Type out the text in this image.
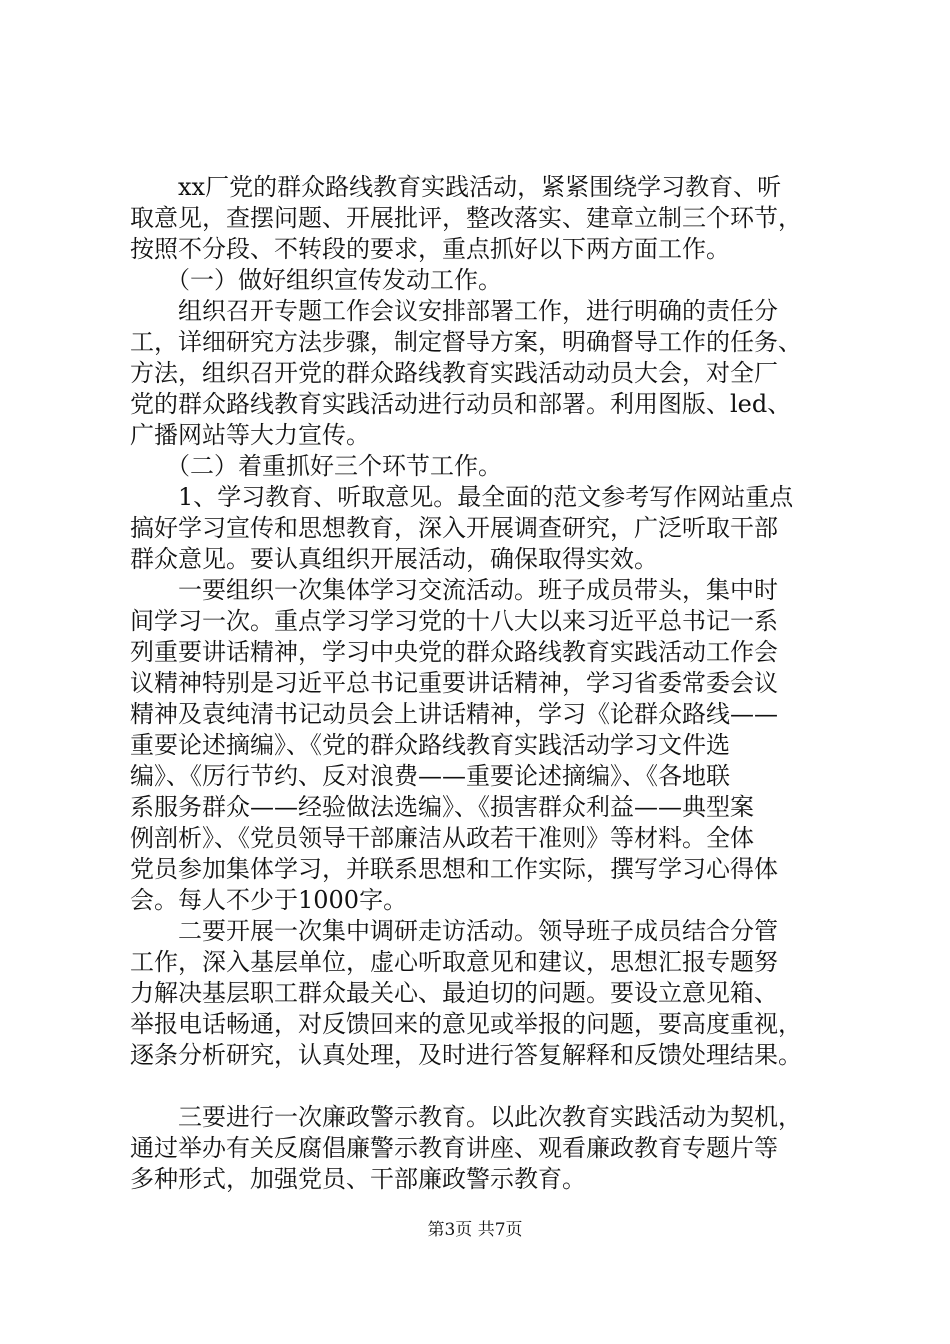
　　xx厂党的群众路线教育实践活动，紧紧围绕学习教育、听
取意见，查摆问题、开展批评，整改落实、建章立制三个环节，
按照不分段、不转段的要求，重点抓好以下两方面工作。
　　（一）做好组织宣传发动工作。
　　组织召开专题工作会议安排部署工作，进行明确的责任分
工，详细研究方法步骤，制定督导方案，明确督导工作的任务、
方法，组织召开党的群众路线教育实践活动动员大会，对全厂
党的群众路线教育实践活动进行动员和部署。利用图版、led、
广播网站等大力宣传。
　　（二）着重抓好三个环节工作。
　　1、学习教育、听取意见。最全面的范文参考写作网站重点
搞好学习宣传和思想教育，深入开展调查研究，广泛听取干部
群众意见。要认真组织开展活动，确保取得实效。
　　一要组织一次集体学习交流活动。班子成员带头，集中时
间学习一次。重点学习学习党的十八大以来习近平总书记一系
列重要讲话精神，学习中央党的群众路线教育实践活动工作会
议精神特别是习近平总书记重要讲话精神，学习省委常委会议
精神及袁纯清书记动员会上讲话精神，学习《论群众路线——
重要论述摘编》、《党的群众路线教育实践活动学习文件选
编》、《厉行节约、反对浪费——重要论述摘编》、《各地联
系服务群众——经验做法选编》、《损害群众利益——典型案
例剖析》、《党员领导干部廉洁从政若干准则》等材料。全体
党员参加集体学习，并联系思想和工作实际，撰写学习心得体
会。每人不少于1000字。
　　二要开展一次集中调研走访活动。领导班子成员结合分管
工作，深入基层单位，虚心听取意见和建议，思想汇报专题努
力解决基层职工群众最关心、最迫切的问题。要设立意见箱、
举报电话畅通，对反馈回来的意见或举报的问题，要高度重视，
逐条分析研究，认真处理，及时进行答复解释和反馈处理结果。
　　三要进行一次廉政警示教育。以此次教育实践活动为契机，
通过举办有关反腐倡廉警示教育讲座、观看廉政教育专题片等
多种形式，加强党员、干部廉政警示教育。
第3页 共7页
